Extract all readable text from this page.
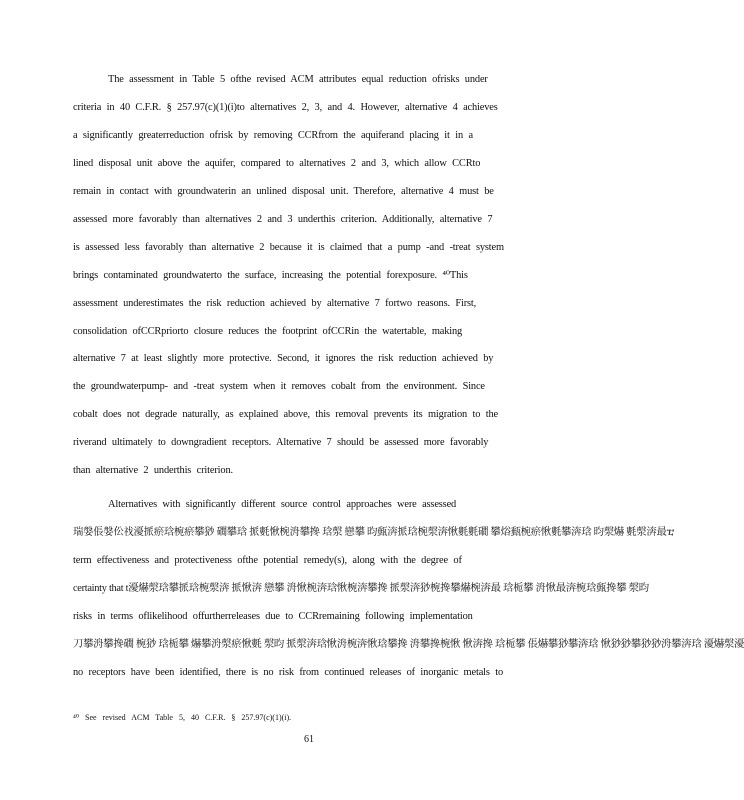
The assessment in Table 5 ofthe revised ACM attributes equal reduction ofrisks under
criteria in 40 C.F.R. § 257.97(c)(1)(i)to alternatives 2, 3, and 4. However, alternative 4 achieves
a significantly greaterreduction ofrisk by removing CCRfrom the aquiferand placing it in a
lined disposal unit above the aquifer, compared to alternatives 2 and 3, which allow CCRto
remain in contact with groundwaterin an unlined disposal unit. Therefore, alternative 4 must be
assessed more favorably than alternatives 2 and 3 underthis criterion. Additionally, alternative 7
is assessed less favorably than alternative 2 because it is claimed that a pump -and -treat system
brings contaminated groundwaterto the surface, increasing the potential forexposure. ⁴⁰This
assessment underestimates the risk reduction achieved by alternative 7 fortwo reasons. First,
consolidation ofCCRpriorto closure reduces the footprint ofCCRin the watertable, making
alternative 7 at least slightly more protective. Second, it ignores the risk reduction achieved by
the groundwaterpump- and -treat system when it removes cobalt from the environment. Since
cobalt does not degrade naturally, as explained above, this removal prevents its migration to the
riverand ultimately to downgradient receptors. Alternative 7 should be assessed more favorably
than alternative 2 underthis criterion.
Alternatives with significantly different source control approaches were assessed
瑞媻倀媻伀䄀瀀挀瘀琀椀瘀攀猀 礀攀琀 挀氀愀椀洀攀搀 琀漀 戀攀 昀甀渀挀琀椀漀渀愀氀氀礀 攀焀甀椀瘀愀氀攀渀琀 昀漀爀 氀漀渀最ⴀ
term effectiveness and protectiveness ofthe potential remedy(s), along with the degree of
certainty that t瀀爀漀琀攀挀琀椀漀渀 挀愀渀 戀攀 洀愀椀渀琀愀椀渀攀搀 挀漀渀猀椀搀攀爀椀渀最 琀栀攀 洀愀最渀椀琀甀搀攀 漀昀
risks in terms oflikelihood offurtherreleases due to CCRremaining following implementation
刀攀洀攀搀礀 椀猀 琀栀攀 爀攀洀漀瘀愀氀 漀昀 挀漀渀琀愀洀椀渀愀琀攀搀 洀攀搀椀愀 愀渀搀 琀栀攀 倀爀攀猀攀渀琀 愀猀猀攀猀猀洀攀渀琀 瀀爀漀瀀
no receptors have been identified, there is no risk from continued releases of inorganic metals to
⁴⁰ See revised ACM Table 5, 40 C.F.R. § 257.97(c)(1)(i).
61
